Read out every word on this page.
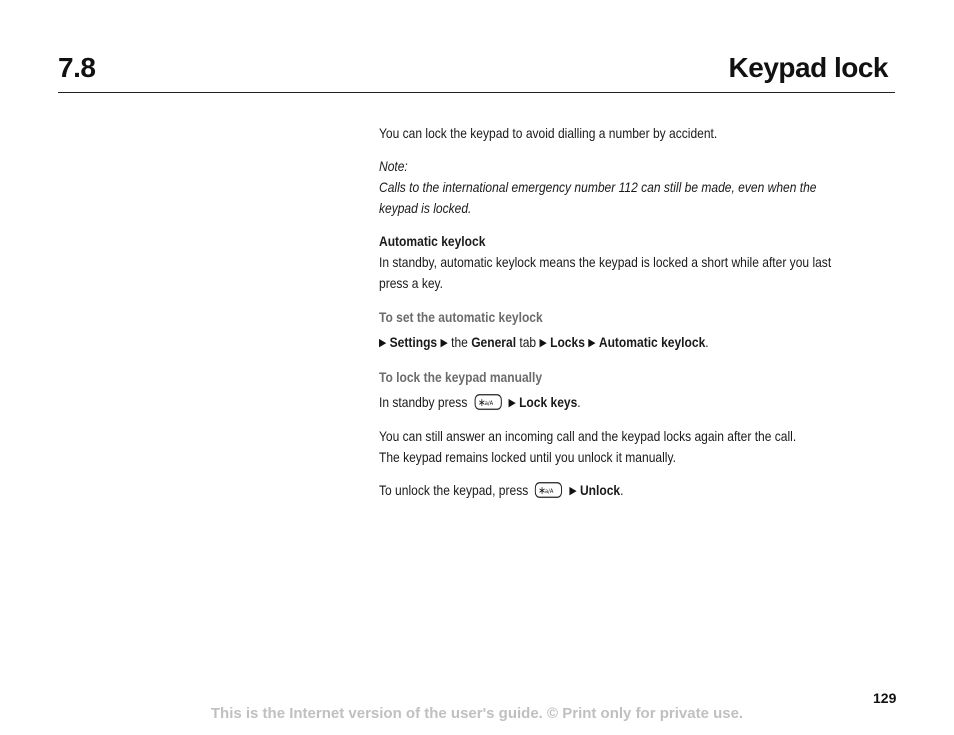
7.8	Keypad lock

You can lock the keypad to avoid dialling a number by accident.

Note:
Calls to the international emergency number 112 can still be made, even when the
keypad is locked.

Automatic keylock
In standby, automatic keylock means the keypad is locked a short while after you last
press a key.

To set the automatic keylock

▶ Settings ▶ the General tab ▶ Locks ▶ Automatic keylock.

To lock the keypad manually

In standby press ∗
a/A ▶ Lock keys.

You can still answer an incoming call and the keypad locks again after the call.
The keypad remains locked until you unlock it manually.

To unlock the keypad, press ∗
a/A ▶ Unlock.

129
This is the Internet version of the user's guide. © Print only for private use.
